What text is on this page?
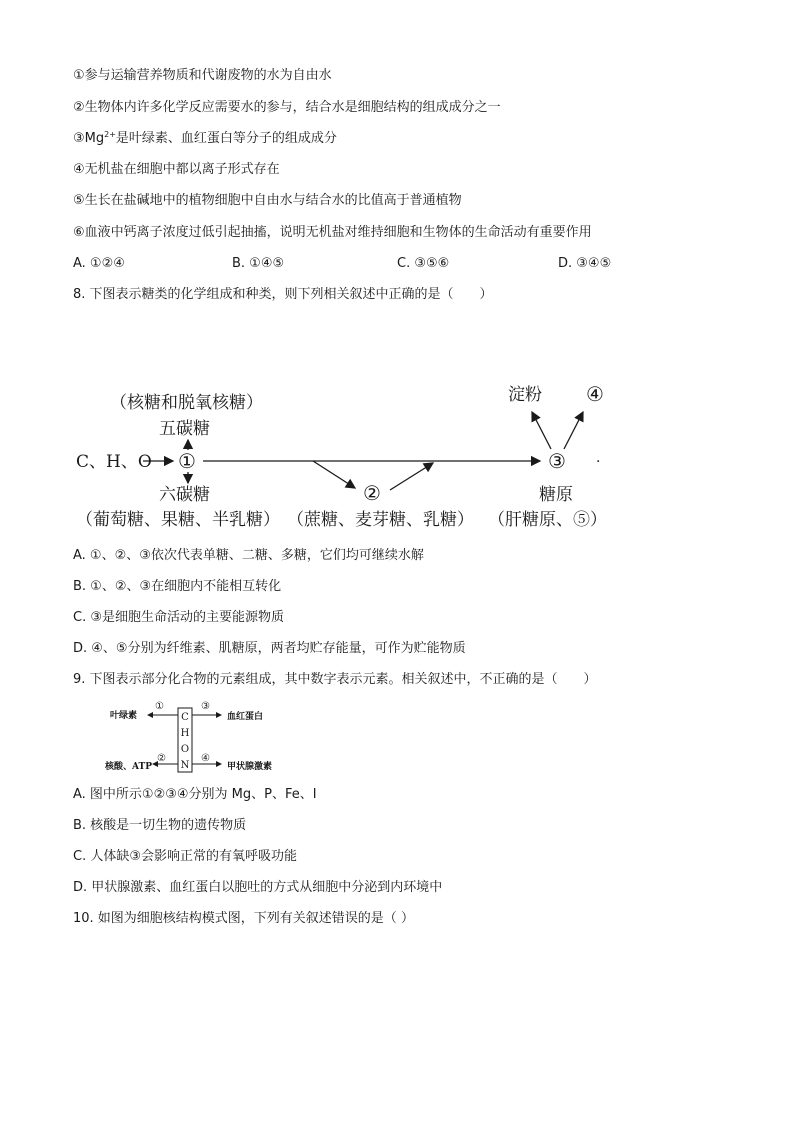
①参与运输营养物质和代谢废物的水为自由水
②生物体内许多化学反应需要水的参与，结合水是细胞结构的组成成分之一
$③Mg^{2+}$是叶绿素、血红蛋白等分子的组成成分
④无机盐在细胞中都以离子形式存在
⑤生长在盐碱地中的植物细胞中自由水与结合水的比值高于普通植物
⑥血液中钙离子浓度过低引起抽搐，说明无机盐对维持细胞和生物体的生命活动有重要作用
A. ①②④	B. ①④⑤	C. ③⑤⑥	D. ③④⑤
8. 下图表示糖类的化学组成和种类，则下列相关叙述中正确的是（　　）
（核糖和脱氧核糖）
五碳糖
C、H、O ①
六碳糖
（葡萄糖、果糖、半乳糖）
②
（蔗糖、麦芽糖、乳糖）
③ ·
淀粉 ④
糖原
（肝糖原、⑤）
A. ①、②、③依次代表单糖、二糖、多糖，它们均可继续水解
B. ①、②、③在细胞内不能相互转化
C. ③是细胞生命活动的主要能源物质
D. ④、⑤分别为纤维素、肌糖原，两者均贮存能量，可作为贮能物质
9. 下图表示部分化合物的元素组成，其中数字表示元素。相关叙述中，不正确的是（　　）
C
H
O
N
叶绿素
①	③
血红蛋白
核酸、ATP
②	④
甲状腺激素
A. 图中所示①②③④分别为 Mg、P、Fe、I
B. 核酸是一切生物的遗传物质
C. 人体缺③会影响正常的有氧呼吸功能
D. 甲状腺激素、血红蛋白以胞吐的方式从细胞中分泌到内环境中
10. 如图为细胞核结构模式图，下列有关叙述错误的是（ ）
